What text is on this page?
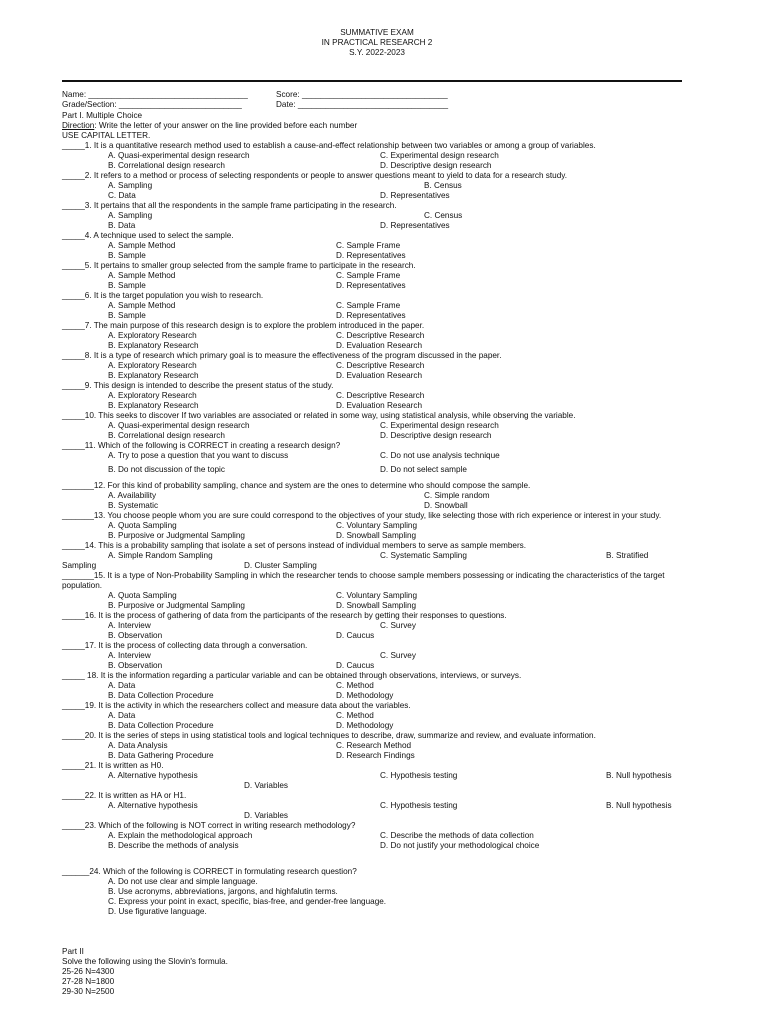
SUMMATIVE EXAM
IN PRACTICAL RESEARCH 2
S.Y. 2022-2023
Name: ___________________________________	Score: ________________________________
Grade/Section: ___________________________	Date: _________________________________
Part I. Multiple Choice
Direction: Write the letter of your answer on the line provided before each number
USE CAPITAL LETTER.
_____1. It is a quantitative research method used to establish a cause-and-effect relationship between two variables or among a group of variables.
A. Quasi-experimental design research	C. Experimental design research
B. Correlational design research	D. Descriptive design research
_____2. It refers to a method or process of selecting respondents or people to answer questions meant to yield to data for a research study.
A. Sampling	B. Census
C. Data	D. Representatives
_____3. It pertains that all the respondents in the sample frame participating in the research.
A. Sampling	C. Census
B. Data	D. Representatives
_____4. A technique used to select the sample.
A. Sample Method	C. Sample Frame
B. Sample	D. Representatives
_____5. It pertains to smaller group selected from the sample frame to participate in the research.
A. Sample Method	C. Sample Frame
B. Sample	D. Representatives
_____6. It is the target population you wish to research.
A. Sample Method	C. Sample Frame
B. Sample	D. Representatives
_____7. The main purpose of this research design is to explore the problem introduced in the paper.
A. Exploratory Research	C. Descriptive Research
B. Explanatory Research	D. Evaluation Research
_____8. It is a type of research which primary goal is to measure the effectiveness of the program discussed in the paper.
A. Exploratory Research	C. Descriptive Research
B. Explanatory Research	D. Evaluation Research
_____9. This design is intended to describe the present status of the study.
A. Exploratory Research	C. Descriptive Research
B. Explanatory Research	D. Evaluation Research
_____10. This seeks to discover If two variables are associated or related in some way, using statistical analysis, while observing the variable.
A. Quasi-experimental design research	C. Experimental design research
B. Correlational design research	D. Descriptive design research
_____11. Which of the following is CORRECT in creating a research design?
A. Try to pose a question that you want to discuss	C. Do not use analysis technique
B. Do not discussion of the topic	D. Do not select sample
_______12. For this kind of probability sampling, chance and system are the ones to determine who should compose the sample.
A. Availability	C. Simple random
B. Systematic	D. Snowball
_______13. You choose people whom you are sure could correspond to the objectives of your study, like selecting those with rich experience or interest in your study.
A. Quota Sampling	C. Voluntary Sampling
B. Purposive or Judgmental Sampling	D. Snowball Sampling
_____14. This is a probability sampling that isolate a set of persons instead of individual members to serve as sample members.
A. Simple Random Sampling	C. Systematic Sampling	B. Stratified
Sampling	D. Cluster Sampling
_______15. It is a type of Non-Probability Sampling in which the researcher tends to choose sample members possessing or indicating the characteristics of the target population.
A. Quota Sampling	C. Voluntary Sampling
B. Purposive or Judgmental Sampling	D. Snowball Sampling
_____16. It is the process of gathering of data from the participants of the research by getting their responses to questions.
A. Interview	C. Survey
B. Observation	D. Caucus
_____17. It is the process of collecting data through a conversation.
A. Interview	C. Survey
B. Observation	D. Caucus
_____ 18. It is the information regarding a particular variable and can be obtained through observations, interviews, or surveys.
A. Data	C. Method
B. Data Collection Procedure	D. Methodology
_____19. It is the activity in which the researchers collect and measure data about the variables.
A. Data	C. Method
B. Data Collection Procedure	D. Methodology
_____20. It is the series of steps in using statistical tools and logical techniques to describe, draw, summarize and review, and evaluate information.
A. Data Analysis	C. Research Method
B. Data Gathering Procedure	D. Research Findings
_____21. It is written as H0.
A. Alternative hypothesis	C. Hypothesis testing	B. Null hypothesis
D. Variables
_____22. It is written as HA or H1.
A. Alternative hypothesis	C. Hypothesis testing	B. Null hypothesis
D. Variables
_____23. Which of the following is NOT correct in writing research methodology?
A. Explain the methodological approach	C. Describe the methods of data collection
B. Describe the methods of analysis	D. Do not justify your methodological choice
______24. Which of the following is CORRECT in formulating research question?
A. Do not use clear and simple language.
B. Use acronyms, abbreviations, jargons, and highfalutin terms.
C. Express your point in exact, specific, bias-free, and gender-free language.
D. Use figurative language.
Part II
Solve the following using the Slovin's formula.
25-26 N=4300
27-28 N=1800
29-30 N=2500
